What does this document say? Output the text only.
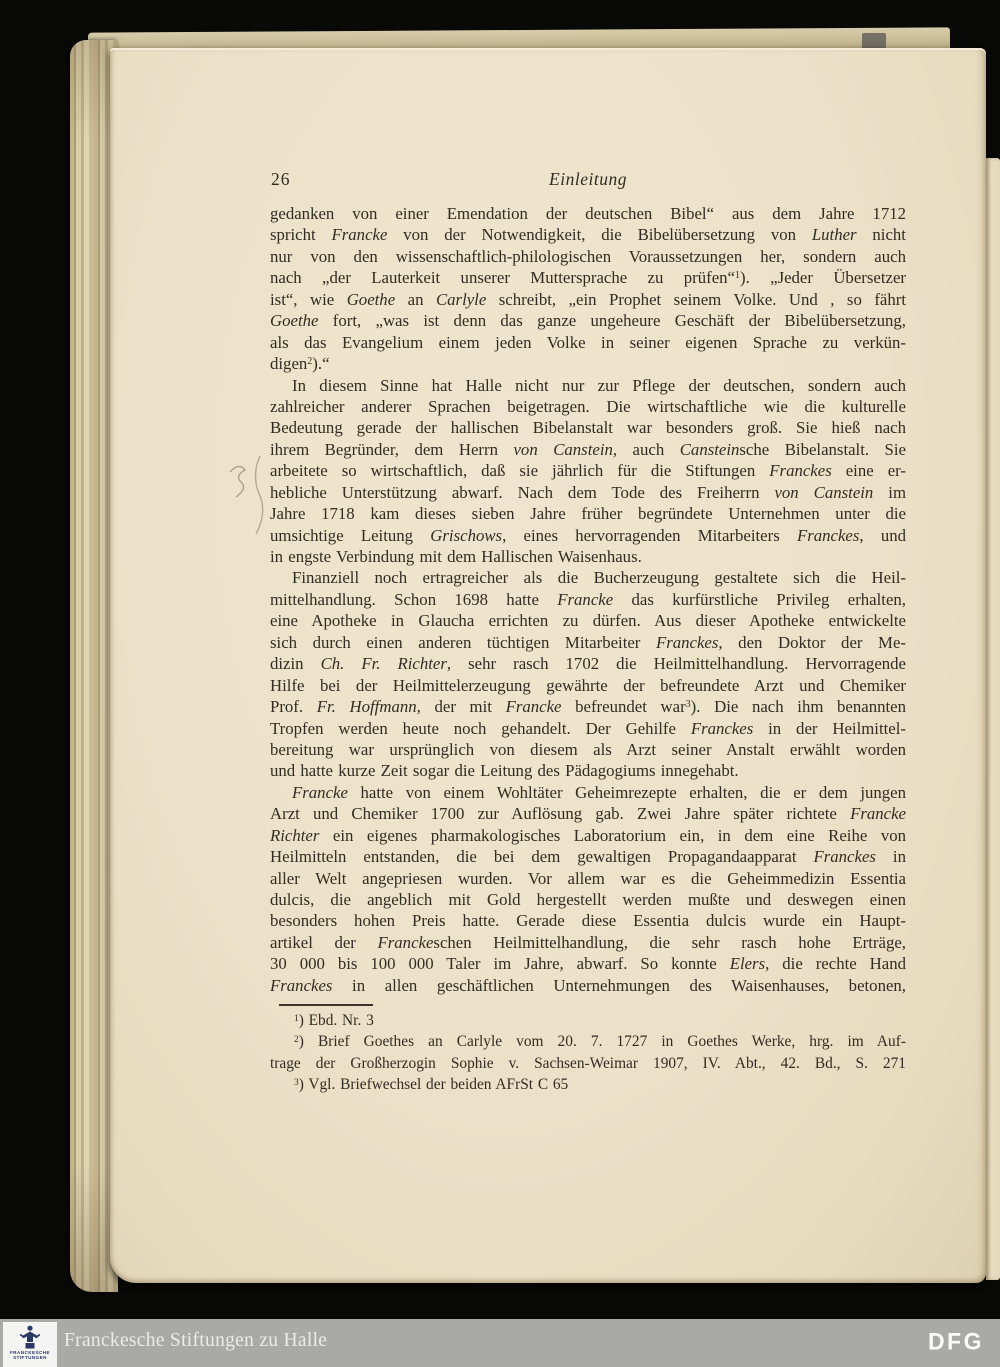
26	Einleitung
gedanken von einer Emendation der deutschen Bibel“ aus dem Jahre 1712
spricht Francke von der Notwendigkeit, die Bibelübersetzung von Luther nicht
nur von den wissenschaftlich-philologischen Voraussetzungen her, sondern auch
nach „der Lauterkeit unserer Muttersprache zu prüfen“$^1$). „Jeder Übersetzer
ist“, wie Goethe an Carlyle schreibt, „ein Prophet seinem Volke. Und , so fährt
Goethe fort, „was ist denn das ganze ungeheure Geschäft der Bibelübersetzung,
als das Evangelium einem jeden Volke in seiner eigenen Sprache zu verkün-
digen$^2$).“
In diesem Sinne hat Halle nicht nur zur Pflege der deutschen, sondern auch
zahlreicher anderer Sprachen beigetragen. Die wirtschaftliche wie die kulturelle
Bedeutung gerade der hallischen Bibelanstalt war besonders groß. Sie hieß nach
ihrem Begründer, dem Herrn von Canstein, auch Cansteinsche Bibelanstalt. Sie
arbeitete so wirtschaftlich, daß sie jährlich für die Stiftungen Franckes eine er-
hebliche Unterstützung abwarf. Nach dem Tode des Freiherrn von Canstein im
Jahre 1718 kam dieses sieben Jahre früher begründete Unternehmen unter die
umsichtige Leitung Grischows, eines hervorragenden Mitarbeiters Franckes, und
in engste Verbindung mit dem Hallischen Waisenhaus.
Finanziell noch ertragreicher als die Bucherzeugung gestaltete sich die Heil-
mittelhandlung. Schon 1698 hatte Francke das kurfürstliche Privileg erhalten,
eine Apotheke in Glaucha errichten zu dürfen. Aus dieser Apotheke entwickelte
sich durch einen anderen tüchtigen Mitarbeiter Franckes, den Doktor der Me-
dizin Ch. Fr. Richter, sehr rasch 1702 die Heilmittelhandlung. Hervorragende
Hilfe bei der Heilmittelerzeugung gewährte der befreundete Arzt und Chemiker
Prof. Fr. Hoffmann, der mit Francke befreundet war$^3$). Die nach ihm benannten
Tropfen werden heute noch gehandelt. Der Gehilfe Franckes in der Heilmittel-
bereitung war ursprünglich von diesem als Arzt seiner Anstalt erwählt worden
und hatte kurze Zeit sogar die Leitung des Pädagogiums innegehabt.
Francke hatte von einem Wohltäter Geheimrezepte erhalten, die er dem jungen
Arzt und Chemiker 1700 zur Auflösung gab. Zwei Jahre später richtete Francke
Richter ein eigenes pharmakologisches Laboratorium ein, in dem eine Reihe von
Heilmitteln entstanden, die bei dem gewaltigen Propagandaapparat Franckes in
aller Welt angepriesen wurden. Vor allem war es die Geheimmedizin Essentia
dulcis, die angeblich mit Gold hergestellt werden mußte und deswegen einen
besonders hohen Preis hatte. Gerade diese Essentia dulcis wurde ein Haupt-
artikel der Franckeschen Heilmittelhandlung, die sehr rasch hohe Erträge,
30 000 bis 100 000 Taler im Jahre, abwarf. So konnte Elers, die rechte Hand
Franckes in allen geschäftlichen Unternehmungen des Waisenhauses, betonen,
$^1$) Ebd. Nr. 3
$^2$) Brief Goethes an Carlyle vom 20. 7. 1727 in Goethes Werke, hrg. im Auf-
trage der Großherzogin Sophie v. Sachsen-Weimar 1907, IV. Abt., 42. Bd., S. 271
$^3$) Vgl. Briefwechsel der beiden AFrSt C 65
FRANCKESCHE
STIFTUNGEN
Franckesche Stiftungen zu Halle	DFG
